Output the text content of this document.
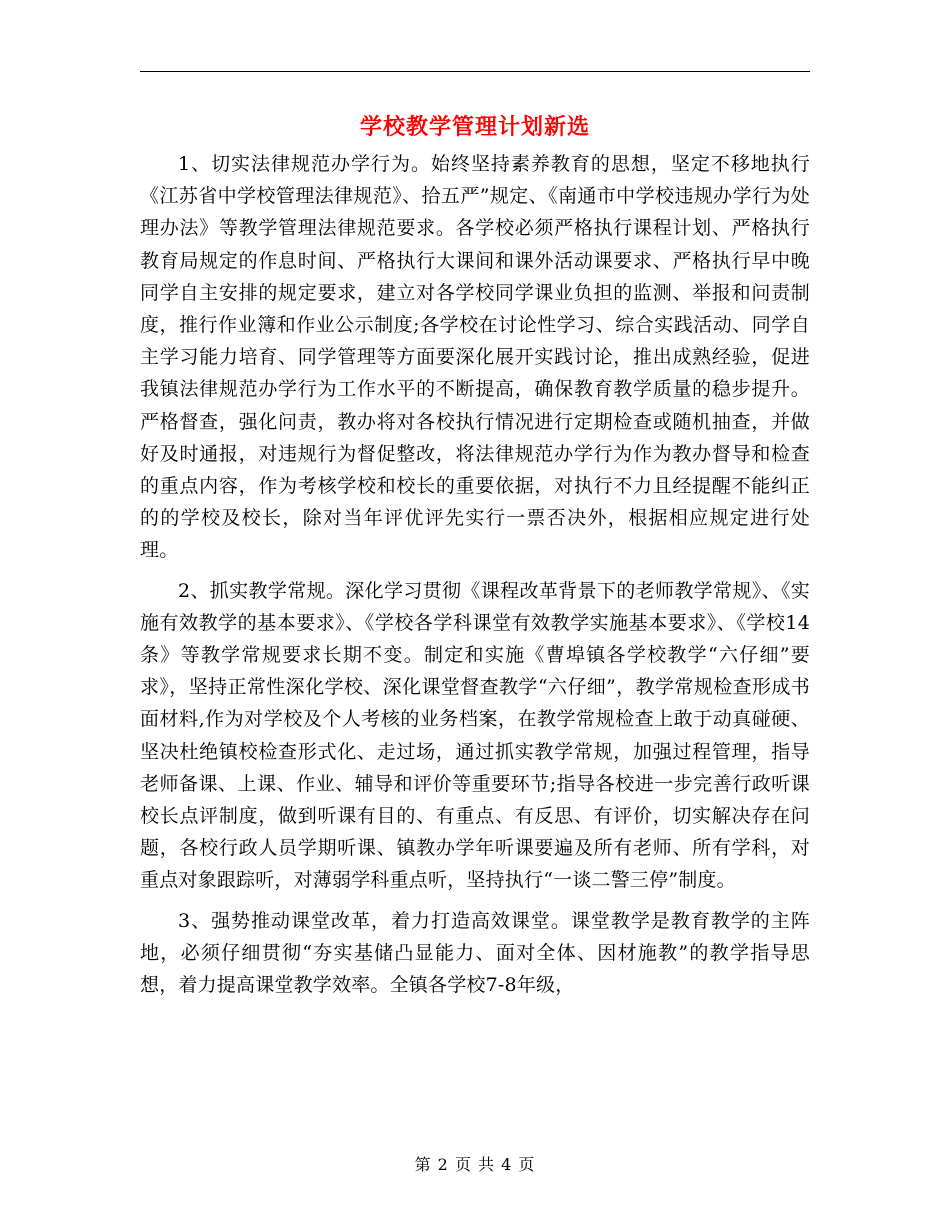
学校教学管理计划新选

1、切实法律规范办学行为。始终坚持素养教育的思想，坚定不移地执行《江苏省中学校管理法律规范》、拾五严”规定、《南通市中学校违规办学行为处理办法》等教学管理法律规范要求。各学校必须严格执行课程计划、严格执行教育局规定的作息时间、严格执行大课间和课外活动课要求、严格执行早中晚同学自主安排的规定要求，建立对各学校同学课业负担的监测、举报和问责制度，推行作业簿和作业公示制度;各学校在讨论性学习、综合实践活动、同学自主学习能力培育、同学管理等方面要深化展开实践讨论，推出成熟经验，促进我镇法律规范办学行为工作水平的不断提高，确保教育教学质量的稳步提升。严格督查，强化问责，教办将对各校执行情况进行定期检查或随机抽查，并做好及时通报，对违规行为督促整改，将法律规范办学行为作为教办督导和检查的重点内容，作为考核学校和校长的重要依据，对执行不力且经提醒不能纠正的的学校及校长，除对当年评优评先实行一票否决外，根据相应规定进行处理。

2、抓实教学常规。深化学习贯彻《课程改革背景下的老师教学常规》、《实施有效教学的基本要求》、《学校各学科课堂有效教学实施基本要求》、《学校14条》等教学常规要求长期不变。制定和实施《曹埠镇各学校教学“六仔细”要求》，坚持正常性深化学校、深化课堂督查教学“六仔细”，教学常规检查形成书面材料,作为对学校及个人考核的业务档案，在教学常规检查上敢于动真碰硬、坚决杜绝镇校检查形式化、走过场，通过抓实教学常规，加强过程管理，指导老师备课、上课、作业、辅导和评价等重要环节;指导各校进一步完善行政听课校长点评制度，做到听课有目的、有重点、有反思、有评价，切实解决存在问题，各校行政人员学期听课、镇教办学年听课要遍及所有老师、所有学科，对重点对象跟踪听，对薄弱学科重点听，坚持执行“一谈二警三停”制度。

3、强势推动课堂改革，着力打造高效课堂。课堂教学是教育教学的主阵地，必须仔细贯彻“夯实基储凸显能力、面对全体、因材施教”的教学指导思想，着力提高课堂教学效率。全镇各学校7-8年级，

第 2 页 共 4 页
